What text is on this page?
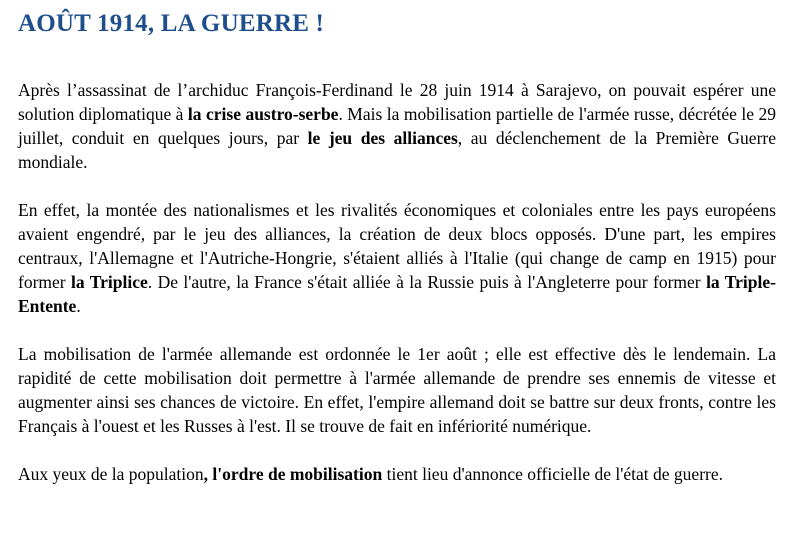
AOÛT 1914, LA GUERRE !

Après l’assassinat de l’archiduc François-Ferdinand le 28 juin 1914 à Sarajevo, on pouvait espérer une solution diplomatique à la crise austro-serbe. Mais la mobilisation partielle de l'armée russe, décrétée le 29 juillet, conduit en quelques jours, par le jeu des alliances, au déclenchement de la Première Guerre mondiale.

En effet, la montée des nationalismes et les rivalités économiques et coloniales entre les pays européens avaient engendré, par le jeu des alliances, la création de deux blocs opposés. D'une part, les empires centraux, l'Allemagne et l'Autriche-Hongrie, s'étaient alliés à l'Italie (qui change de camp en 1915) pour former la Triplice. De l'autre, la France s'était alliée à la Russie puis à l'Angleterre pour former la Triple-Entente.

La mobilisation de l'armée allemande est ordonnée le 1er août ; elle est effective dès le lendemain. La rapidité de cette mobilisation doit permettre à l'armée allemande de prendre ses ennemis de vitesse et augmenter ainsi ses chances de victoire. En effet, l'empire allemand doit se battre sur deux fronts, contre les Français à l'ouest et les Russes à l'est. Il se trouve de fait en infériorité numérique.

Aux yeux de la population, l'ordre de mobilisation tient lieu d'annonce officielle de l'état de guerre.
